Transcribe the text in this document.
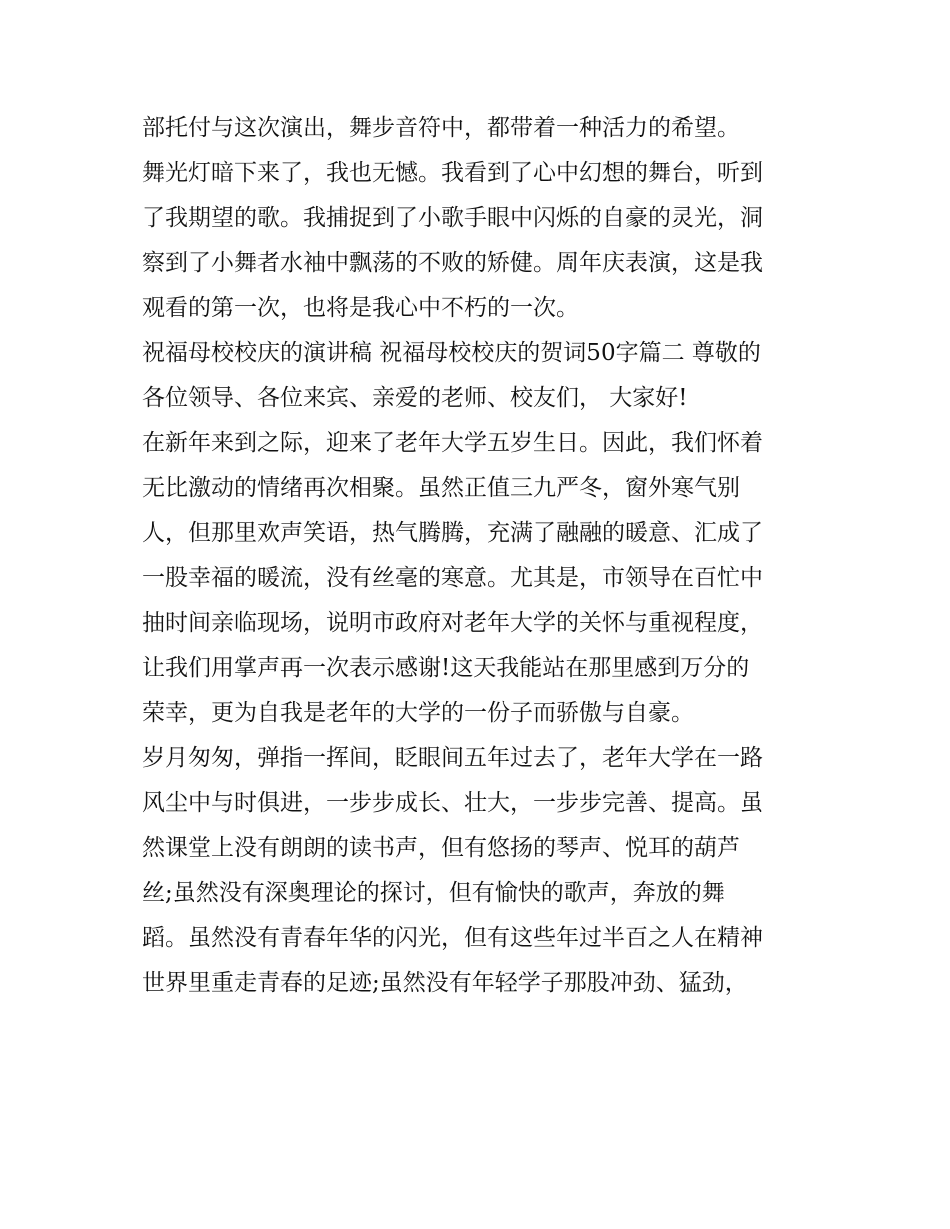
部托付与这次演出，舞步音符中，都带着一种活力的希望。
舞光灯暗下来了，我也无憾。我看到了心中幻想的舞台，听到
了我期望的歌。我捕捉到了小歌手眼中闪烁的自豪的灵光，洞
察到了小舞者水袖中飘荡的不败的矫健。周年庆表演，这是我
观看的第一次，也将是我心中不朽的一次。
祝福母校校庆的演讲稿 祝福母校校庆的贺词50字篇二 尊敬的
各位领导、各位来宾、亲爱的老师、校友们， 大家好!
在新年来到之际，迎来了老年大学五岁生日。因此，我们怀着
无比激动的情绪再次相聚。虽然正值三九严冬，窗外寒气别
人，但那里欢声笑语，热气腾腾，充满了融融的暖意、汇成了
一股幸福的暖流，没有丝毫的寒意。尤其是，市领导在百忙中
抽时间亲临现场，说明市政府对老年大学的关怀与重视程度，
让我们用掌声再一次表示感谢!这天我能站在那里感到万分的
荣幸，更为自我是老年的大学的一份子而骄傲与自豪。
岁月匆匆，弹指一挥间，眨眼间五年过去了，老年大学在一路
风尘中与时俱进，一步步成长、壮大，一步步完善、提高。虽
然课堂上没有朗朗的读书声，但有悠扬的琴声、悦耳的葫芦
丝;虽然没有深奥理论的探讨，但有愉快的歌声，奔放的舞
蹈。虽然没有青春年华的闪光，但有这些年过半百之人在精神
世界里重走青春的足迹;虽然没有年轻学子那股冲劲、猛劲，
